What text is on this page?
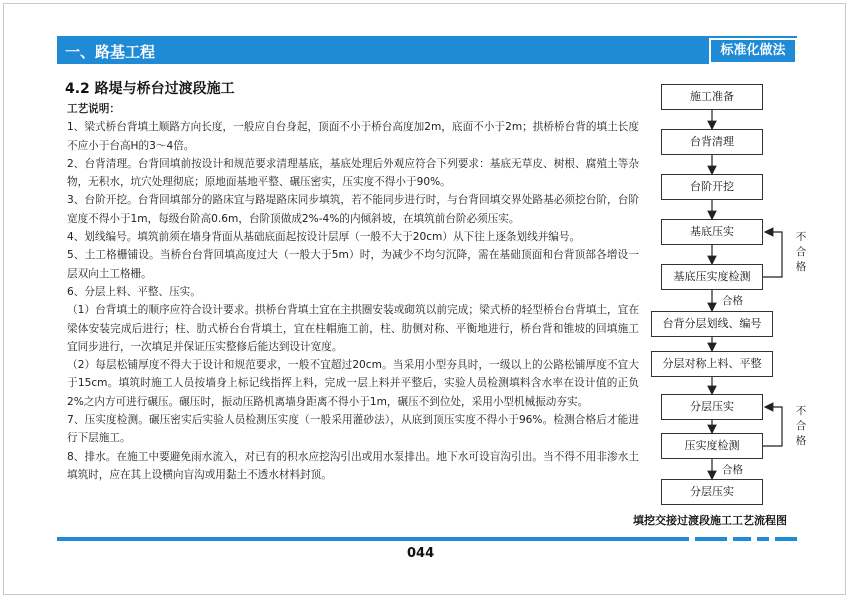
一、路基工程	标准化做法
4.2 路堤与桥台过渡段施工

工艺说明：

1、梁式桥台背填土顺路方向长度，一般应自台身起，顶面不小于桥台高度加2m，底面不小于2m；拱桥桥台背的填土长度不应小于台高H的3～4倍。

2、台背清理。台背回填前按设计和规范要求清理基底，基底处理后外观应符合下列要求：基底无草皮、树根、腐殖土等杂物，无积水，坑穴处理彻底；原地面基地平整、碾压密实，压实度不得小于90%。

3、台阶开挖。台背回填部分的路床宜与路堤路床同步填筑，若不能同步进行时，与台背回填交界处路基必须挖台阶，台阶宽度不得小于1m，每级台阶高0.6m，台阶顶做成2%-4%的内倾斜坡，在填筑前台阶必须压实。

4、划线编号。填筑前须在墙身背面从基础底面起按设计层厚（一般不大于20cm）从下往上逐条划线并编号。

5、土工格栅铺设。当桥台台背回填高度过大（一般大于5m）时，为减少不均匀沉降，需在基础顶面和台背顶部各增设一层双向土工格栅。

6、分层上料、平整、压实。

（1）台背填土的顺序应符合设计要求。拱桥台背填土宜在主拱圈安装或砌筑以前完成；梁式桥的轻型桥台台背填土，宜在梁体安装完成后进行；柱、肋式桥台台背填土，宜在柱帽施工前，柱、肋侧对称、平衡地进行，桥台背和锥坡的回填施工宜同步进行，一次填足并保证压实整修后能达到设计宽度。

（2）每层松铺厚度不得大于设计和规范要求，一般不宜超过20cm。当采用小型夯具时，一级以上的公路松铺厚度不宜大于15cm。填筑时施工人员按墙身上标记线指挥上料，完成一层上料并平整后，实验人员检测填料含水率在设计值的正负2%之内方可进行碾压。碾压时，振动压路机离墙身距离不得小于1m，碾压不到位处，采用小型机械振动夯实。

7、压实度检测。碾压密实后实验人员检测压实度（一般采用灌砂法），从底到顶压实度不得小于96%。检测合格后才能进行下层施工。

8、排水。在施工中要避免雨水流入，对已有的积水应挖沟引出或用水泵排出。地下水可设盲沟引出。当不得不用非渗水土填筑时，应在其上设横向盲沟或用黏土不透水材料封顶。

施工准备
台背清理
台阶开挖
基底压实
基底压实度检测
台背分层划线、编号
分层对称上料、平整
分层压实
压实度检测
分层压实
合格
合格
不
合
格
不
合
格
填挖交接过渡段施工工艺流程图
044
